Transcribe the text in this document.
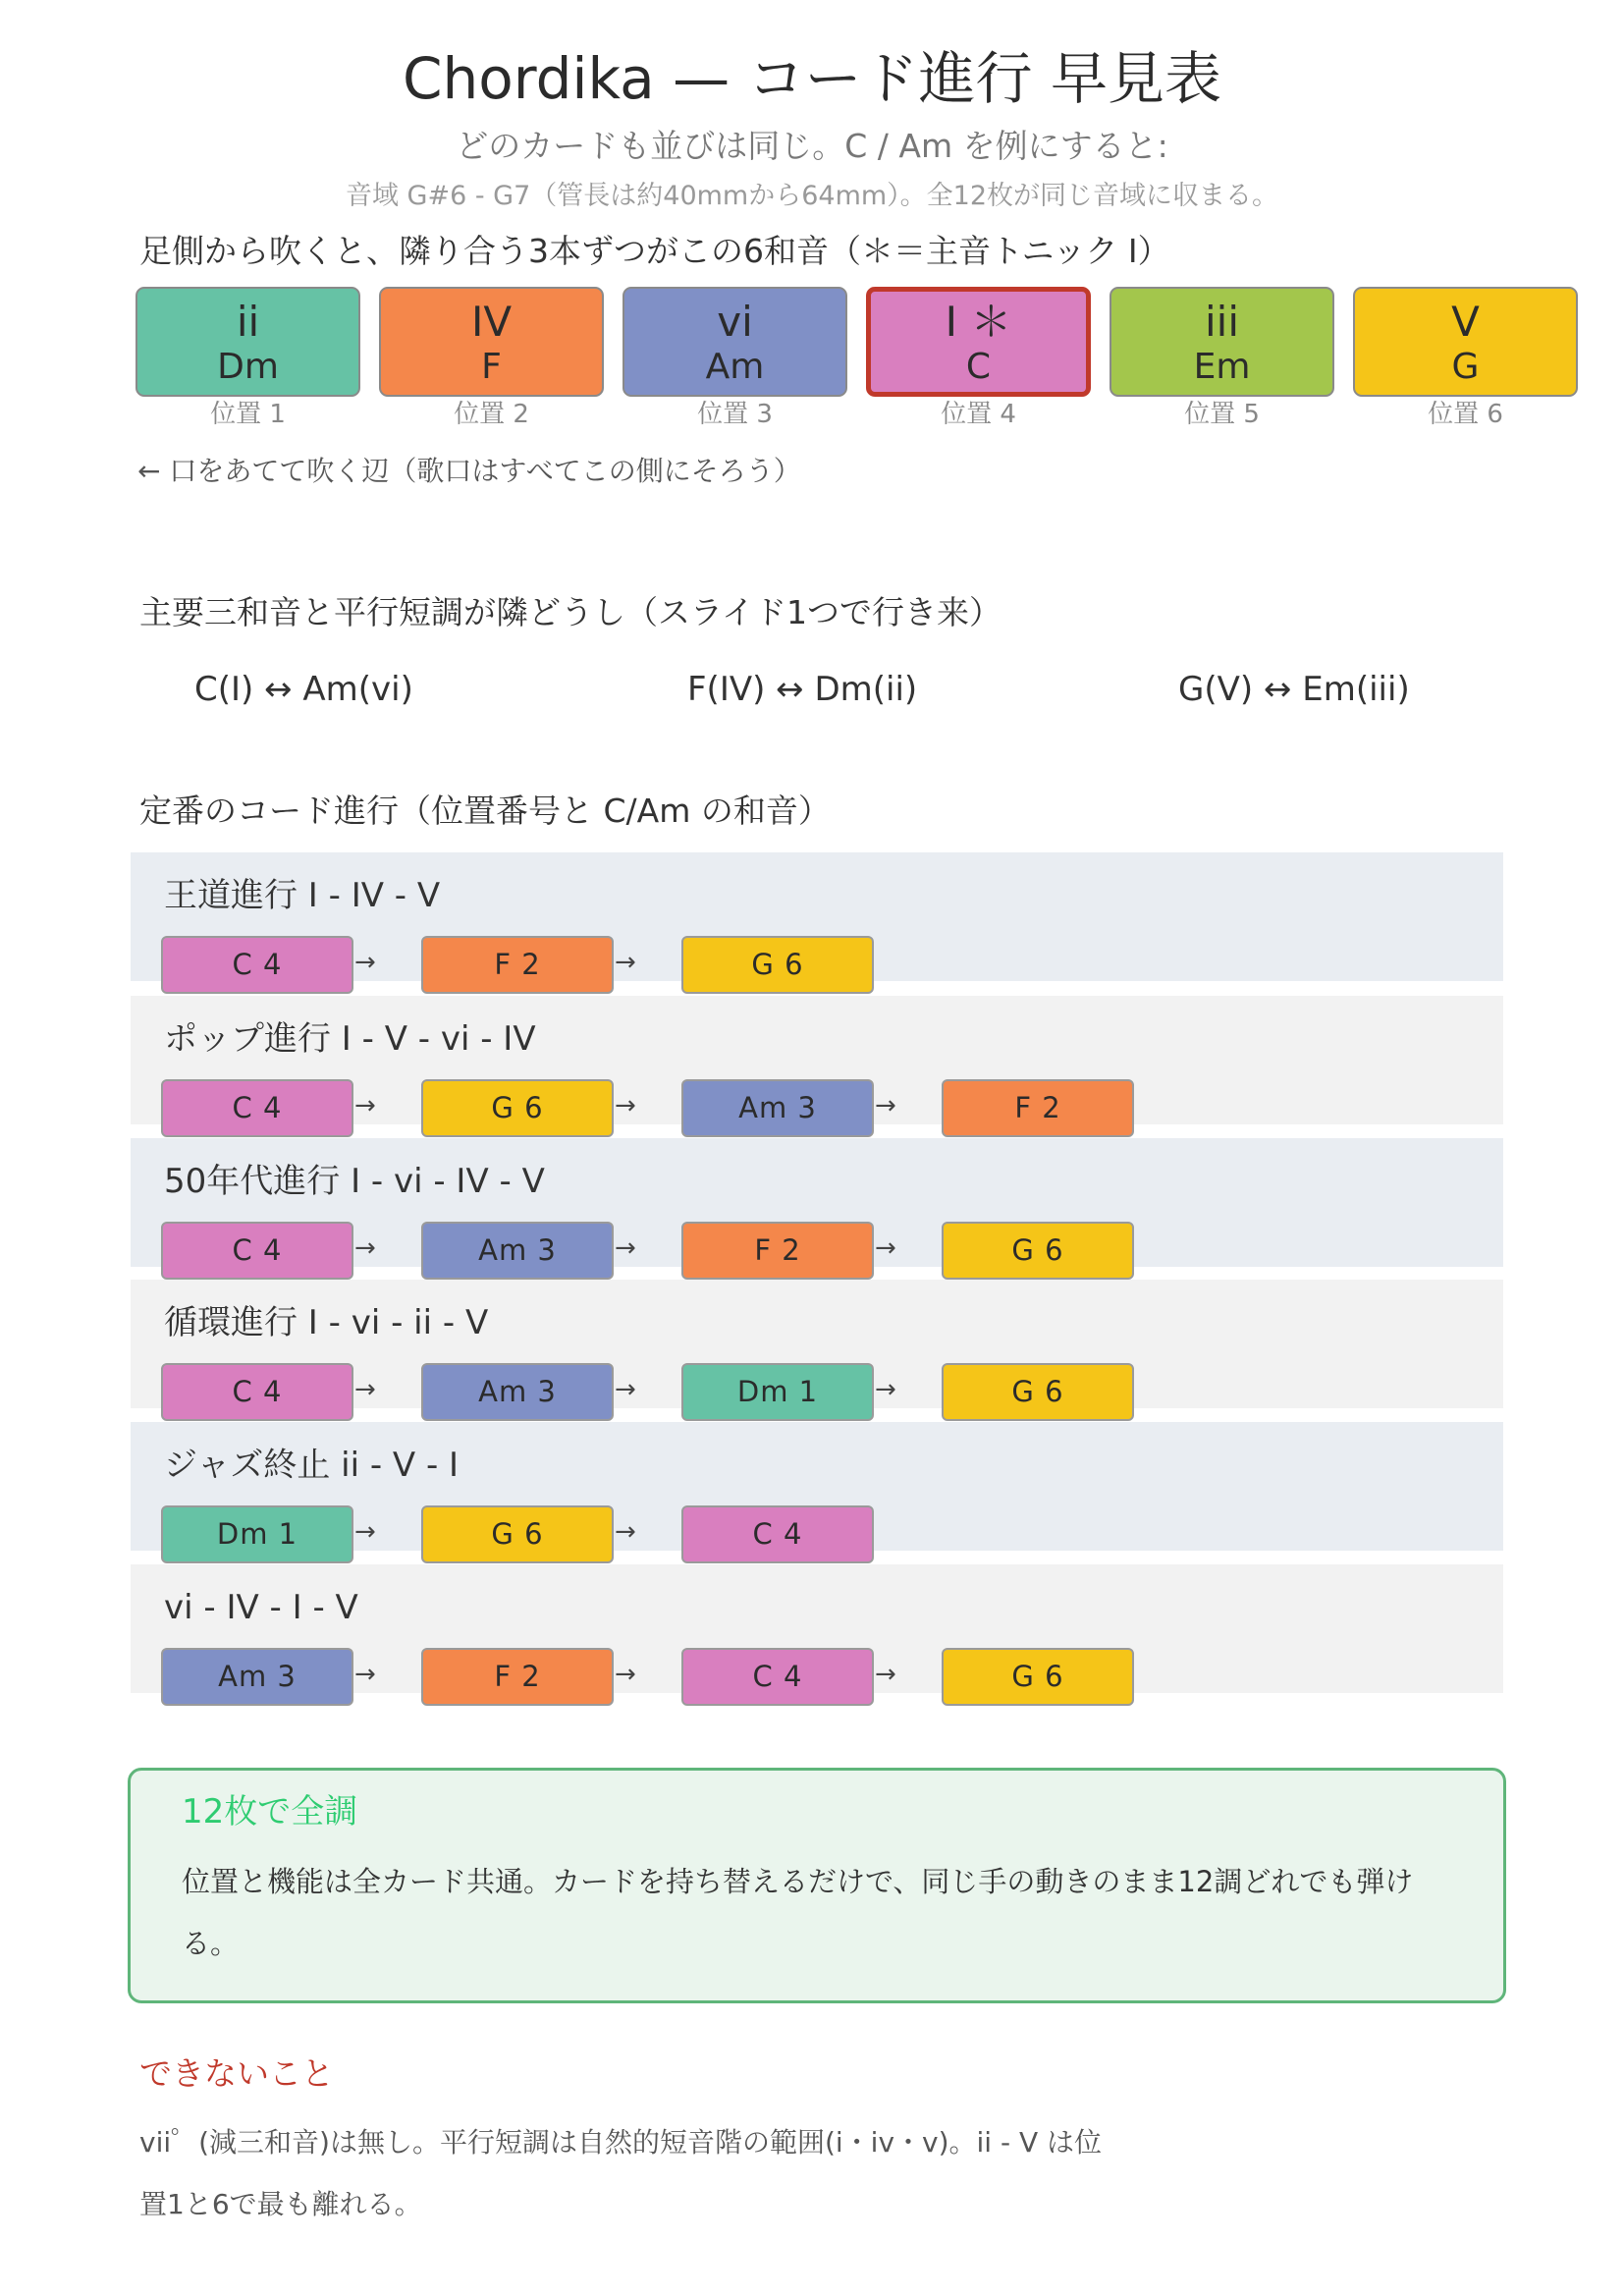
Chordika — コード進行 早見表
どのカードも並びは同じ。C / Am を例にすると:
音域 G#6 - G7（管長は約40mmから64mm）。全12枚が同じ音域に収まる。
足側から吹くと、隣り合う3本ずつがこの6和音（＊＝主音トニック I）
ii
Dm
位置 1
IV
F
位置 2
vi
Am
位置 3
I ＊
C
位置 4
iii
Em
位置 5
V
G
位置 6
← 口をあてて吹く辺（歌口はすべてこの側にそろう）
主要三和音と平行短調が隣どうし（スライド1つで行き来）
C(I) ↔ Am(vi)	F(IV) ↔ Dm(ii)	G(V) ↔ Em(iii)
定番のコード進行（位置番号と C/Am の和音）
王道進行 I - IV - V
C 4	→	F 2	→	G 6
ポップ進行 I - V - vi - IV
C 4	→	G 6	→	Am 3	→	F 2
50年代進行 I - vi - IV - V
C 4	→	Am 3	→	F 2	→	G 6
循環進行 I - vi - ii - V
C 4	→	Am 3	→	Dm 1	→	G 6
ジャズ終止 ii - V - I
Dm 1	→	G 6	→	C 4
vi - IV - I - V
Am 3	→	F 2	→	C 4	→	G 6
12枚で全調
位置と機能は全カード共通。カードを持ち替えるだけで、同じ手の動きのまま12調どれでも弾ける。
できないこと
vii゜(減三和音)は無し。平行短調は自然的短音階の範囲(i・iv・v)。ii - V は位置1と6で最も離れる。
